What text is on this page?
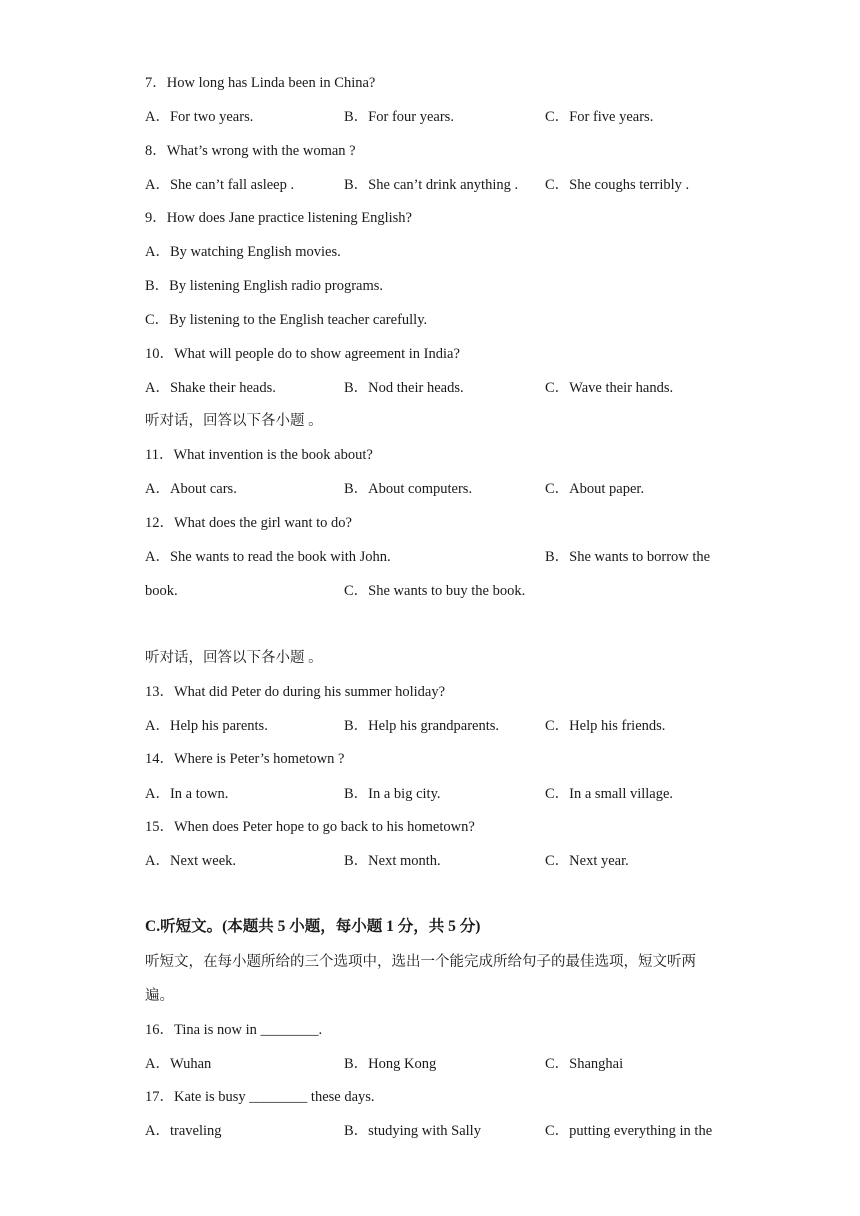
7．How long has Linda been in China?
A．For two years.	B．For four years.	C．For five years.
8．What’s wrong with the woman ?
A．She can’t fall asleep .	B．She can’t drink anything . C．She coughs terribly .
9．How does Jane practice listening English?
A．By watching English movies.
B．By listening English radio programs.
C．By listening to the English teacher carefully.
10．What will people do to show agreement in India?
A．Shake their heads.	B．Nod their heads.	C．Wave their hands.
听对话，回答以下各小题 。
11．What invention is the book about?
A．About cars.	B．About computers.	C．About paper.
12．What does the girl want to do?
A．She wants to read the book with John.	B．She wants to borrow the
book.	C．She wants to buy the book.
听对话，回答以下各小题 。
13．What did Peter do during his summer holiday?
A．Help his parents.	B．Help his grandparents.	C．Help his friends.
14．Where is Peter’s hometown ?
A．In a town.	B．In a big city.	C．In a small village.
15．When does Peter hope to go back to his hometown?
A．Next week.	B．Next month.	C．Next year.
C.听短文。(本题共 5 小题，每小题 1 分，共 5 分)
听短文，在每小题所给的三个选项中，选出一个能完成所给句子的最佳选项，短文听两
遍。
16．Tina is now in ________.
A．Wuhan	B．Hong Kong	C．Shanghai
17．Kate is busy ________ these days.
A．traveling	B．studying with Sally	C．putting everything in the
